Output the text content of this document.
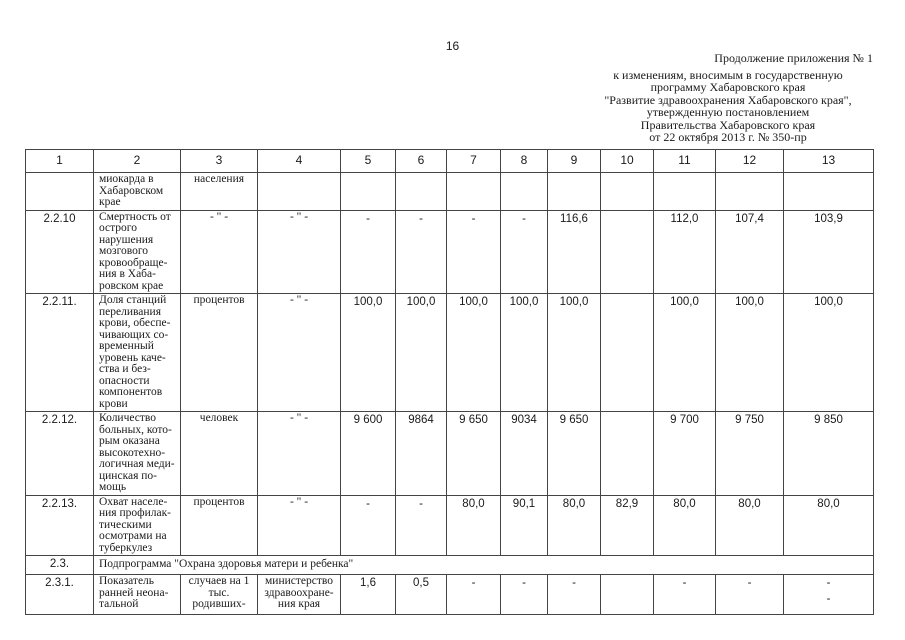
16
Продолжение приложения № 1
к изменениям, вносимым в государственную
программу Хабаровского края
"Развитие здравоохранения Хабаровского края",
утвержденную постановлением
Правительства Хабаровского края
от 22 октября 2013 г. № 350-пр
1	2	3	4	5	6	7	8	9	10	11	12	13
	миокарда в Хабаровском крае	населения										
2.2.10	Смертность от острого нарушения мозгового кровообраще-ния в Хаба-ровском крае	- " -	- " -	-	-	-	-	116,6		112,0	107,4	103,9
2.2.11.	Доля станций переливания крови, обеспе-чивающих со-временный уровень каче-ства и без-опасности компонентов крови	процентов	- " -	100,0	100,0	100,0	100,0	100,0		100,0	100,0	100,0
2.2.12.	Количество больных, кото-рым оказана высокотехно-логичная меди-цинская по-мощь	человек	- " -	9 600	9864	9 650	9034	9 650		9 700	9 750	9 850
2.2.13.	Охват населе-ния профилак-тическими осмотрами на туберкулез	процентов	- " -	-	-	80,0	90,1	80,0	82,9	80,0	80,0	80,0
2.3.	Подпрограмма "Охрана здоровья матери и ребенка"											
2.3.1.	Показатель ранней неона-тальной	случаев на 1 тыс. родивших-	министерство здравоохране-ния края	1,6	0,5	-	-	-		-	-	-
-
